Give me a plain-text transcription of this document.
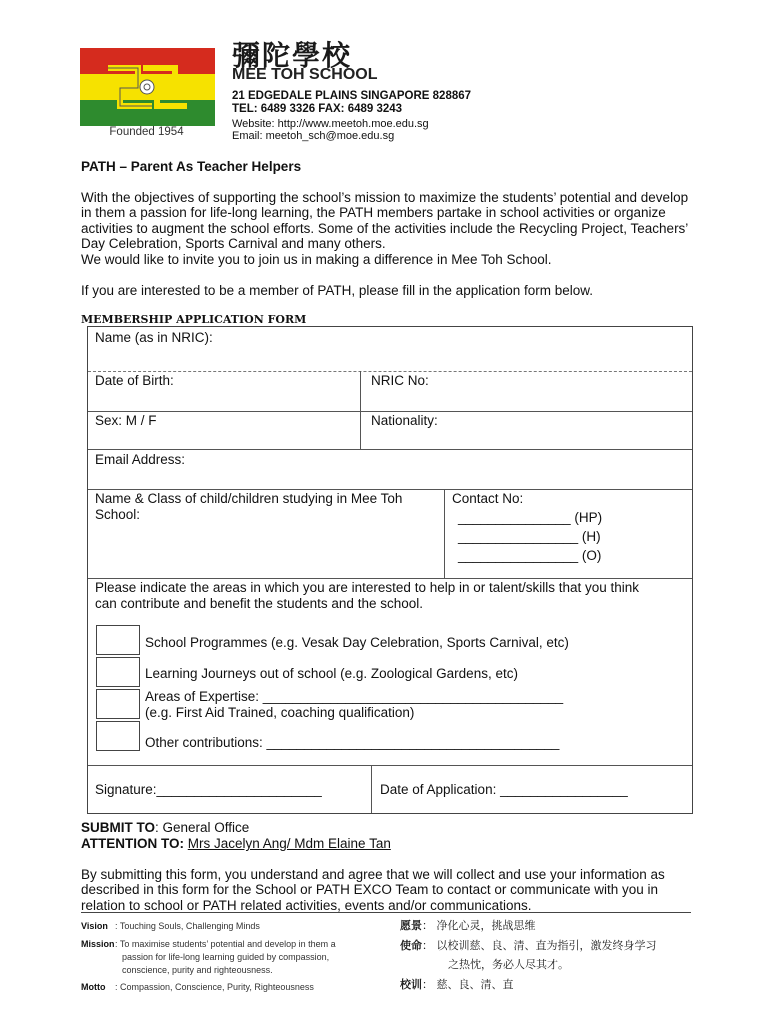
Founded 1954
彌陀學校
MEE TOH SCHOOL
21 EDGEDALE PLAINS SINGAPORE 828867
TEL: 6489 3326 FAX: 6489 3243
Website: http://www.meetoh.moe.edu.sg
Email: meetoh_sch@moe.edu.sg
PATH – Parent As Teacher Helpers
With the objectives of supporting the school’s mission to maximize the students’ potential and develop in them a passion for life-long learning, the PATH members partake in school activities or organize activities to augment the school efforts. Some of the activities include the Recycling Project, Teachers’ Day Celebration, Sports Carnival and many others.
We would like to invite you to join us in making a difference in Mee Toh School.
If you are interested to be a member of PATH, please fill in the application form below.
MEMBERSHIP APPLICATION FORM
Name (as in NRIC):
Date of Birth:	NRIC No:
Sex: M / F	Nationality:
Email Address:
Name & Class of child/children studying in Mee Toh
School:
Contact No:
_______________ (HP)
________________ (H)
________________ (O)
Please indicate the areas in which you are interested to help in or talent/skills that you think
can contribute and benefit the students and the school.
School Programmes (e.g. Vesak Day Celebration, Sports Carnival, etc)
Learning Journeys out of school (e.g. Zoological Gardens, etc)
Areas of Expertise: ________________________________________
(e.g. First Aid Trained, coaching qualification)
Other contributions: _______________________________________
Signature:______________________	Date of Application: _________________
SUBMIT TO: General Office
ATTENTION TO: Mrs Jacelyn Ang/ Mdm Elaine Tan
By submitting this form, you understand and agree that we will collect and use your information as described in this form for the School or PATH EXCO Team to contact or communicate with you in relation to school or PATH related activities, events and/or communications.
Vision : Touching Souls, Challenging Minds
Mission : To maximise students’ potential and develop in them a
passion for life-long learning guided by compassion,
conscience, purity and righteousness.
Motto : Compassion, Conscience, Purity, Righteousness
愿景： 净化心灵，挑战思维
使命： 以校训慈、良、清、直为指引，激发终身学习
之热忱，务必人尽其才。
校训： 慈、良、清、直
